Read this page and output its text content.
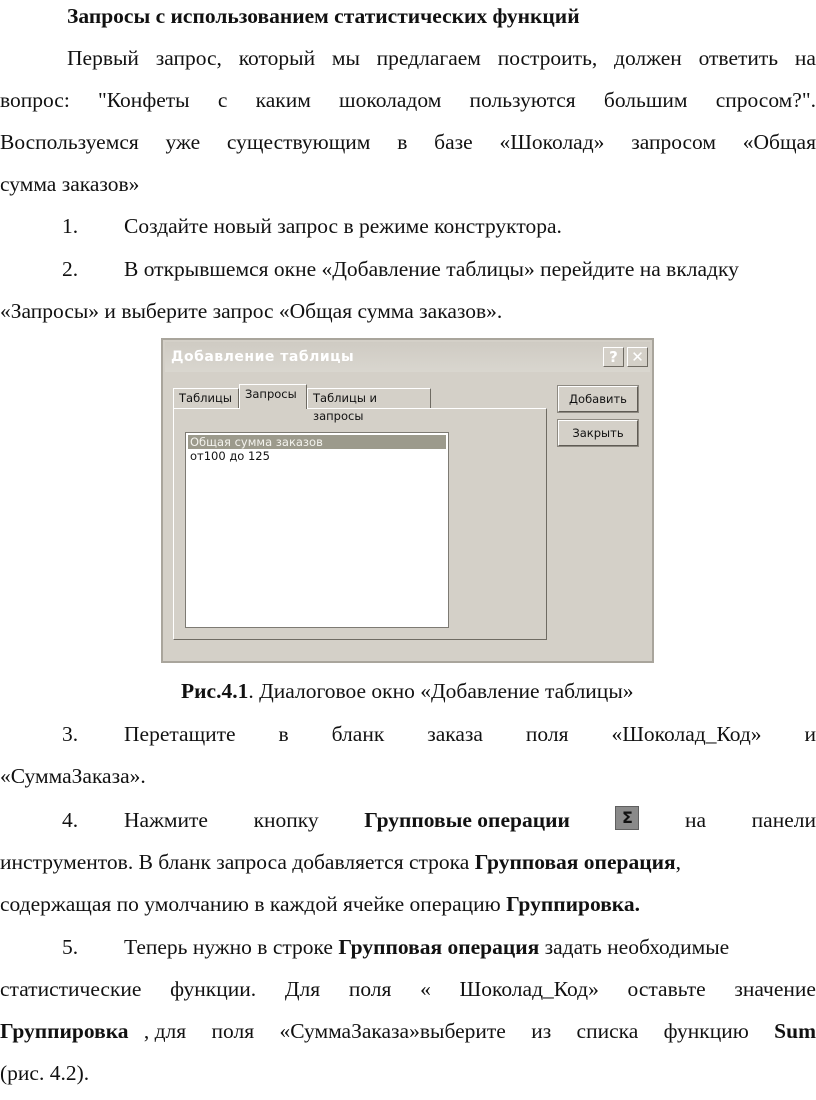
Запросы с использованием статистических функций
Первый запрос, который мы предлагаем построить, должен ответить на
вопрос: "Конфеты с каким шоколадом пользуются большим спросом?".
Воспользуемся уже существующим в базе «Шоколад» запросом «Общая
сумма заказов»
1.	Создайте новый запрос в режиме конструктора.
2.	В открывшемся окне «Добавление таблицы» перейдите на вкладку
«Запросы» и выберите запрос «Общая сумма заказов».
Добавление таблицы	? ✕
Таблицы	Запросы	Таблицы и запросы
Общая сумма заказов
от100 до 125
Добавить
Закрыть
Рис.4.1. Диалоговое окно «Добавление таблицы»
3.	Перетащите в бланк заказа поля «Шоколад_Код» и
«СуммаЗаказа».
4.	Нажмите кнопку Групповые операции	Σ	на панели
инструментов. В бланк запроса добавляется строка Групповая операция,
содержащая по умолчанию в каждой ячейке операцию Группировка.
5.	Теперь нужно в строке Групповая операция задать необходимые
статистические функции. Для поля « Шоколад_Код» оставьте значение
Группировка , для поля «СуммаЗаказа»выберите из списка функцию Sum
(рис. 4.2).
